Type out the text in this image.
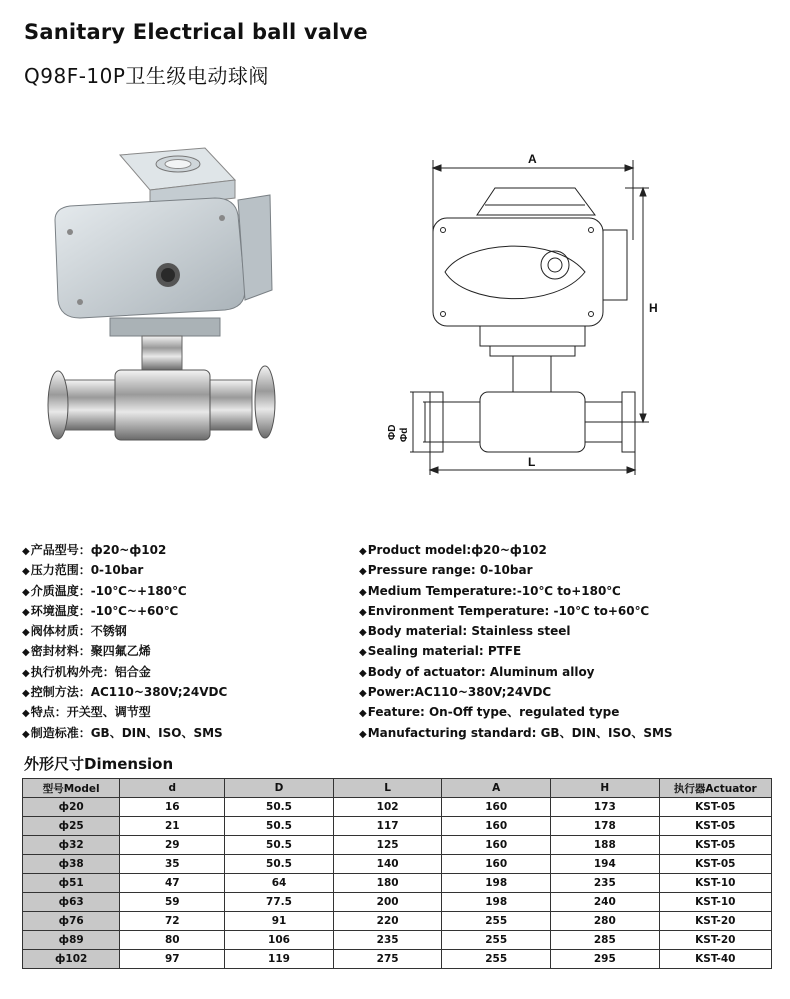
Sanitary Electrical ball valve
Q98F-10P卫生级电动球阀
A
H
L
ΦD Φd
◆产品型号：ф20~ф102
◆压力范围：0-10bar
◆介质温度：-10℃~+180℃
◆环境温度：-10℃~+60℃
◆阀体材质：不锈钢
◆密封材料：聚四氟乙烯
◆执行机构外壳：铝合金
◆控制方法：AC110~380V;24VDC
◆特点：开关型、调节型
◆制造标准：GB、DIN、ISO、SMS
◆Product model:ф20~ф102
◆Pressure range: 0-10bar
◆Medium Temperature:-10℃ to+180℃
◆Environment Temperature: -10℃ to+60℃
◆Body material: Stainless steel
◆Sealing material: PTFE
◆Body of actuator: Aluminum alloy
◆Power:AC110~380V;24VDC
◆Feature: On-Off type、regulated type
◆Manufacturing standard: GB、DIN、ISO、SMS
外形尺寸Dimension
型号Model	d	D	L	A	H	执行器Actuator
ф20	16	50.5	102	160	173	KST-05
ф25	21	50.5	117	160	178	KST-05
ф32	29	50.5	125	160	188	KST-05
ф38	35	50.5	140	160	194	KST-05
ф51	47	64	180	198	235	KST-10
ф63	59	77.5	200	198	240	KST-10
ф76	72	91	220	255	280	KST-20
ф89	80	106	235	255	285	KST-20
ф102	97	119	275	255	295	KST-40
